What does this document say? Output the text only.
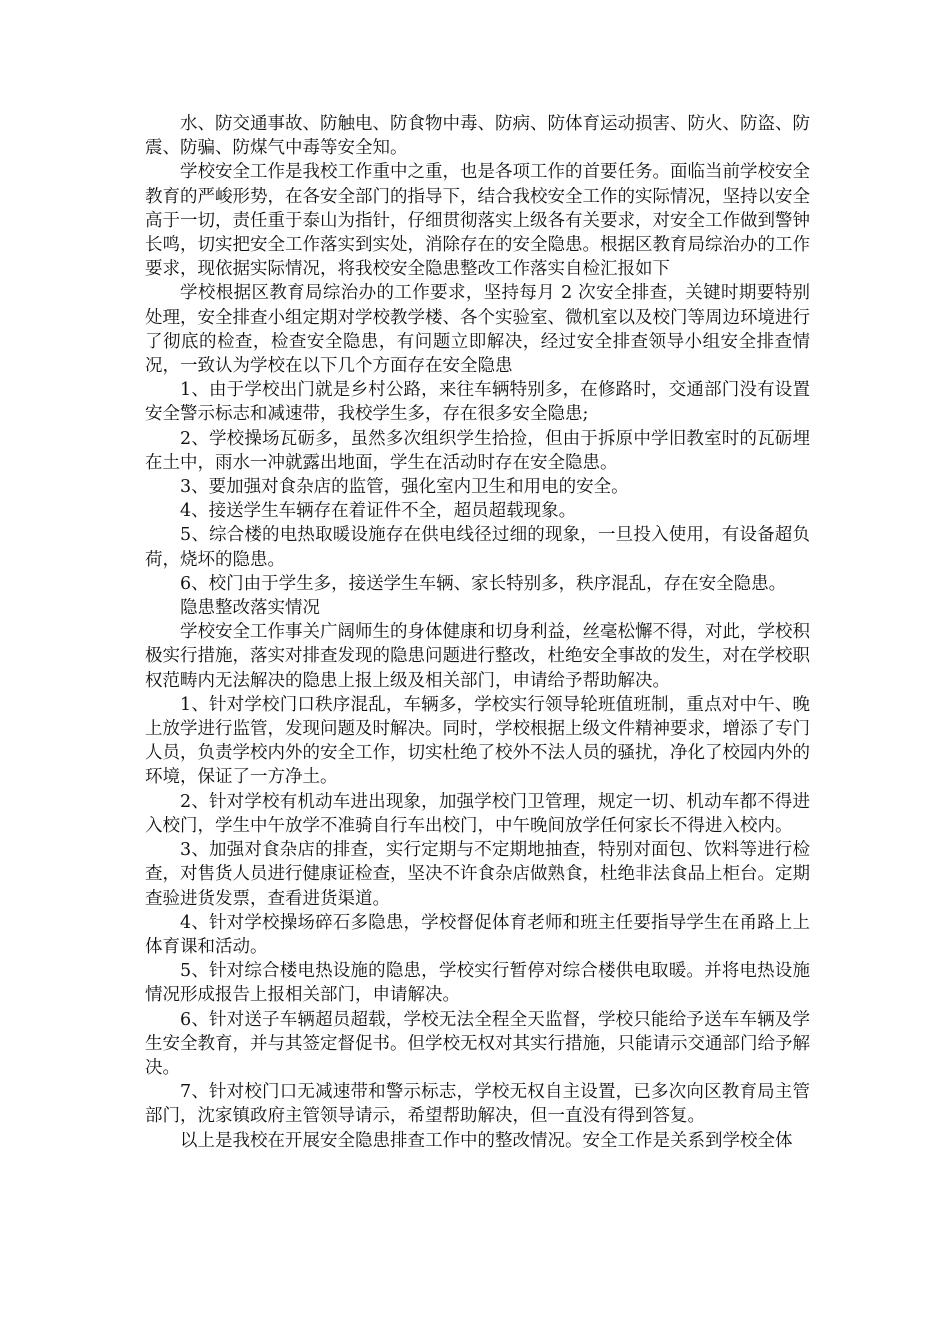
水、防交通事故、防触电、防食物中毒、防病、防体育运动损害、防火、防盗、防震、防骗、防煤气中毒等安全知。

学校安全工作是我校工作重中之重，也是各项工作的首要任务。面临当前学校安全教育的严峻形势，在各安全部门的指导下，结合我校安全工作的实际情况，坚持以安全高于一切，责任重于泰山为指针，仔细贯彻落实上级各有关要求，对安全工作做到警钟长鸣，切实把安全工作落实到实处，消除存在的安全隐患。根据区教育局综治办的工作要求，现依据实际情况，将我校安全隐患整改工作落实自检汇报如下

学校根据区教育局综治办的工作要求，坚持每月 2 次安全排查，关键时期要特别处理，安全排查小组定期对学校教学楼、各个实验室、微机室以及校门等周边环境进行了彻底的检查，检查安全隐患，有问题立即解决，经过安全排查领导小组安全排查情况，一致认为学校在以下几个方面存在安全隐患

1、由于学校出门就是乡村公路，来往车辆特别多，在修路时，交通部门没有设置安全警示标志和减速带，我校学生多，存在很多安全隐患;

2、学校操场瓦砺多，虽然多次组织学生拾捡，但由于拆原中学旧教室时的瓦砺埋在土中，雨水一冲就露出地面，学生在活动时存在安全隐患。

3、要加强对食杂店的监管，强化室内卫生和用电的安全。

4、接送学生车辆存在着证件不全，超员超载现象。

5、综合楼的电热取暖设施存在供电线径过细的现象，一旦投入使用，有设备超负荷，烧坏的隐患。

6、校门由于学生多，接送学生车辆、家长特别多，秩序混乱，存在安全隐患。

隐患整改落实情况

学校安全工作事关广阔师生的身体健康和切身利益，丝毫松懈不得，对此，学校积极实行措施，落实对排查发现的隐患问题进行整改，杜绝安全事故的发生，对在学校职权范畴内无法解决的隐患上报上级及相关部门，申请给予帮助解决。

1、针对学校门口秩序混乱，车辆多，学校实行领导轮班值班制，重点对中午、晚上放学进行监管，发现问题及时解决。同时，学校根据上级文件精神要求，增添了专门人员，负责学校内外的安全工作，切实杜绝了校外不法人员的骚扰，净化了校园内外的环境，保证了一方净土。

2、针对学校有机动车进出现象，加强学校门卫管理，规定一切、机动车都不得进入校门，学生中午放学不准骑自行车出校门，中午晚间放学任何家长不得进入校内。

3、加强对食杂店的排查，实行定期与不定期地抽查，特别对面包、饮料等进行检查，对售货人员进行健康证检查，坚决不许食杂店做熟食，杜绝非法食品上柜台。定期查验进货发票，查看进货渠道。

4、针对学校操场碎石多隐患，学校督促体育老师和班主任要指导学生在甬路上上体育课和活动。

5、针对综合楼电热设施的隐患，学校实行暂停对综合楼供电取暖。并将电热设施情况形成报告上报相关部门，申请解决。

6、针对送子车辆超员超载，学校无法全程全天监督，学校只能给予送车车辆及学生安全教育，并与其签定督促书。但学校无权对其实行措施，只能请示交通部门给予解决。

7、针对校门口无减速带和警示标志，学校无权自主设置，已多次向区教育局主管部门，沈家镇政府主管领导请示，希望帮助解决，但一直没有得到答复。

以上是我校在开展安全隐患排查工作中的整改情况。安全工作是关系到学校全体
